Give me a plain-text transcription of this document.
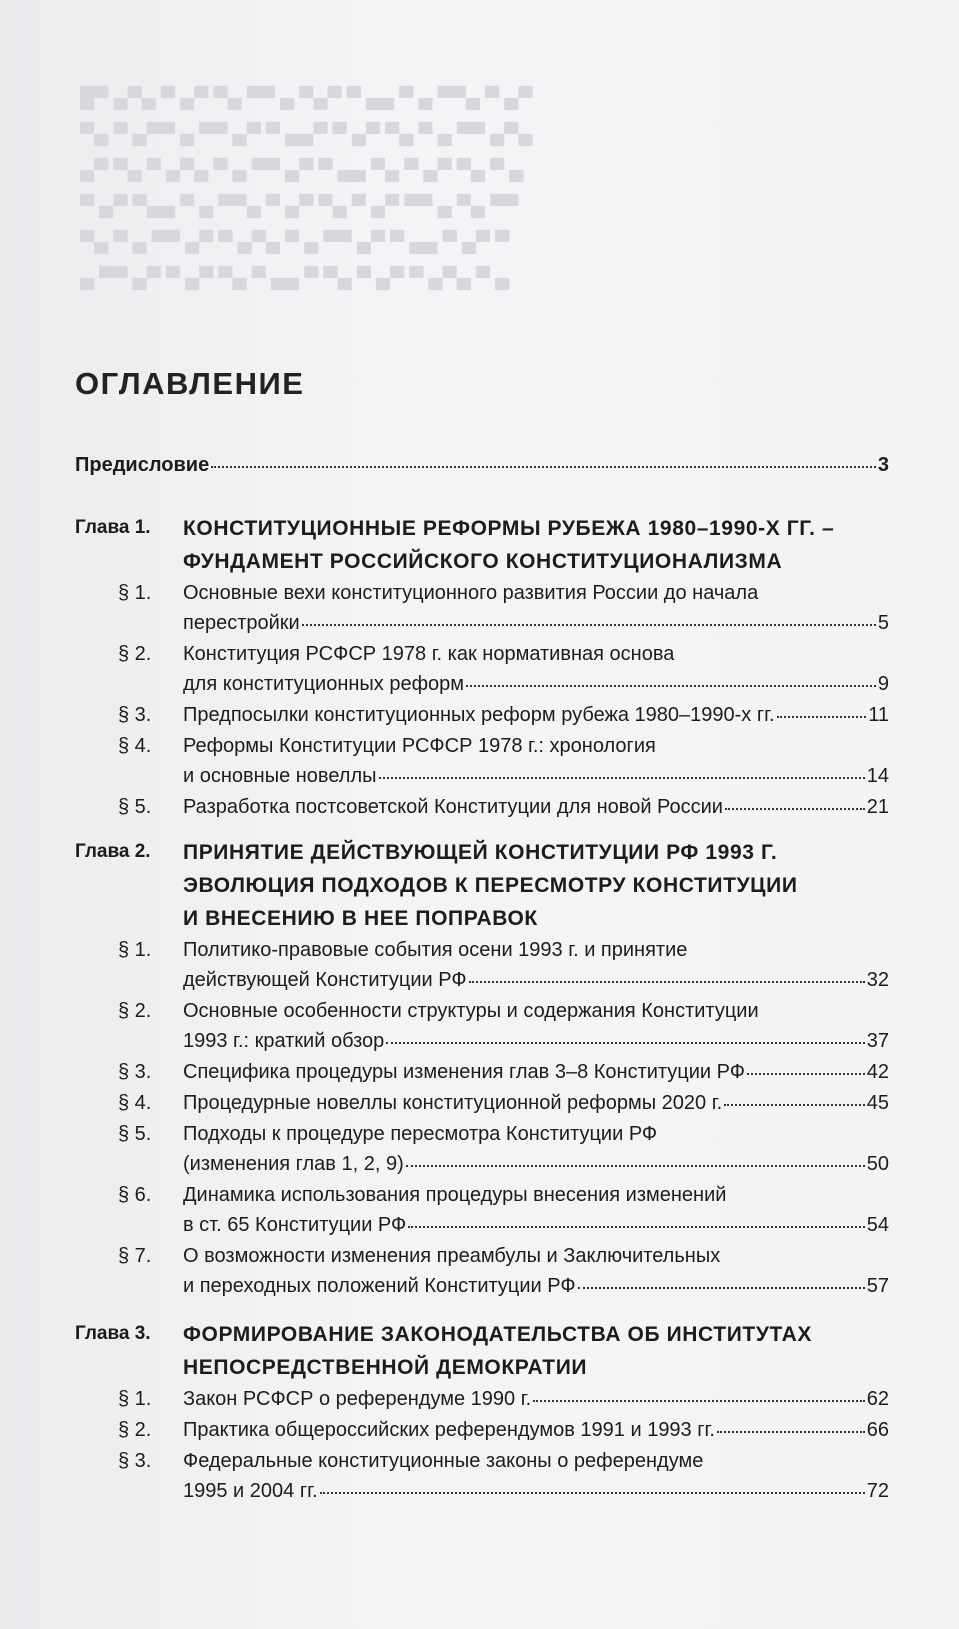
█▀ ▄▀▄ ▀ ▄▀ ▀▄ ▀▀ ▄ ▀▄▀ ▀ ▄▄ ▀ ▄ ▀▀▄ ▀ ▄▀
▀▄ ▀ ▄▀▀ ▄ ▀▀ ▄▀ ▀ ▄▄▀ ▀ ▄▀ ▀▄ ▀ ▄ ▀▀ ▄▀▄
▄▀ ▀▄ ▀ ▄▀▄ ▀ ▄ ▀▀ ▄▀ ▀ ▄▄ ▀▄ ▀ ▄▀ ▀▄ ▀ ▄
▀ ▄▀ ▀▄▄ ▀ ▄ ▀▀▄ ▀ ▄▀ ▀▄ ▀ ▄▀ ▀▀ ▄ ▀▄ ▀▀
▀▄ ▀ ▄ ▀▀ ▄▀ ▀ ▄▀▄ ▀ ▄ ▀▀ ▄▀ ▀ ▄▄ ▀ ▄▀ ▀
▄ ▀▀ ▄▀ ▀ ▄▀ ▀▄ ▀ ▄▄ ▀ ▀▄ ▀ ▄▀ ▀ ▄▀▄ ▀ ▄
ОГЛАВЛЕНИЕ
Предисловие	3
Глава 1. КОНСТИТУЦИОННЫЕ РЕФОРМЫ РУБЕЖА 1980–1990-Х ГГ. –
ФУНДАМЕНТ РОССИЙСКОГО КОНСТИТУЦИОНАЛИЗМА
§ 1. Основные вехи конституционного развития России до начала
перестройки	5
§ 2. Конституция РСФСР 1978 г. как нормативная основа
для конституционных реформ	9
§ 3. Предпосылки конституционных реформ рубежа 1980–1990-х гг.	11
§ 4. Реформы Конституции РСФСР 1978 г.: хронология
и основные новеллы	14
§ 5. Разработка постсоветской Конституции для новой России	21
Глава 2. ПРИНЯТИЕ ДЕЙСТВУЮЩЕЙ КОНСТИТУЦИИ РФ 1993 Г.
ЭВОЛЮЦИЯ ПОДХОДОВ К ПЕРЕСМОТРУ КОНСТИТУЦИИ
И ВНЕСЕНИЮ В НЕЕ ПОПРАВОК
§ 1. Политико-правовые события осени 1993 г. и принятие
действующей Конституции РФ	32
§ 2. Основные особенности структуры и содержания Конституции
1993 г.: краткий обзор	37
§ 3. Специфика процедуры изменения глав 3–8 Конституции РФ	42
§ 4. Процедурные новеллы конституционной реформы 2020 г.	45
§ 5. Подходы к процедуре пересмотра Конституции РФ
(изменения глав 1, 2, 9)	50
§ 6. Динамика использования процедуры внесения изменений
в ст. 65 Конституции РФ	54
§ 7. О возможности изменения преамбулы и Заключительных
и переходных положений Конституции РФ	57
Глава 3. ФОРМИРОВАНИЕ ЗАКОНОДАТЕЛЬСТВА ОБ ИНСТИТУТАХ
НЕПОСРЕДСТВЕННОЙ ДЕМОКРАТИИ
§ 1. Закон РСФСР о референдуме 1990 г.	62
§ 2. Практика общероссийских референдумов 1991 и 1993 гг.	66
§ 3. Федеральные конституционные законы о референдуме
1995 и 2004 гг.	72
